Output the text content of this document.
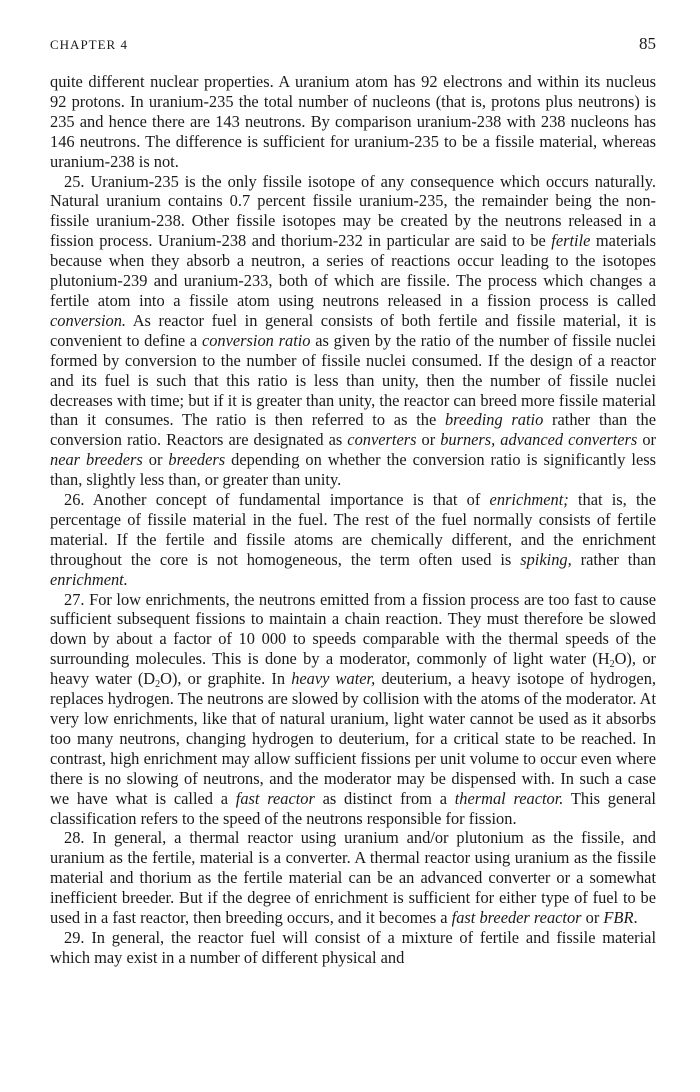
CHAPTER 4	85

quite different nuclear properties. A uranium atom has 92 electrons and within its nucleus 92 protons. In uranium-235 the total number of nucleons (that is, protons plus neutrons) is 235 and hence there are 143 neutrons. By comparison uranium-238 with 238 nucleons has 146 neutrons. The difference is sufficient for uranium-235 to be a fissile material, whereas uranium-238 is not.

25. Uranium-235 is the only fissile isotope of any consequence which occurs naturally. Natural uranium contains 0.7 percent fissile uranium-235, the remainder being the non-fissile uranium-238. Other fissile isotopes may be created by the neutrons released in a fission process. Uranium-238 and thorium-232 in particular are said to be fertile materials because when they absorb a neutron, a series of reactions occur leading to the isotopes plutonium-239 and uranium-233, both of which are fissile. The process which changes a fertile atom into a fissile atom using neutrons released in a fission process is called conversion. As reactor fuel in general consists of both fertile and fissile material, it is convenient to define a conversion ratio as given by the ratio of the number of fissile nuclei formed by conversion to the number of fissile nuclei consumed. If the design of a reactor and its fuel is such that this ratio is less than unity, then the number of fissile nuclei decreases with time; but if it is greater than unity, the reactor can breed more fissile material than it consumes. The ratio is then referred to as the breeding ratio rather than the conversion ratio. Reactors are designated as converters or burners, advanced converters or near breeders or breeders depending on whether the conversion ratio is significantly less than, slightly less than, or greater than unity.

26. Another concept of fundamental importance is that of enrichment; that is, the percentage of fissile material in the fuel. The rest of the fuel normally consists of fertile material. If the fertile and fissile atoms are chemically different, and the enrichment throughout the core is not homogeneous, the term often used is spiking, rather than enrichment.

27. For low enrichments, the neutrons emitted from a fission process are too fast to cause sufficient subsequent fissions to maintain a chain reaction. They must therefore be slowed down by about a factor of 10 000 to speeds comparable with the thermal speeds of the surrounding molecules. This is done by a moderator, commonly of light water $(H_2O)$, or heavy water $(D_2O)$, or graphite. In heavy water, deuterium, a heavy isotope of hydrogen, replaces hydrogen. The neutrons are slowed by collision with the atoms of the moderator. At very low enrichments, like that of natural uranium, light water cannot be used as it absorbs too many neutrons, changing hydrogen to deuterium, for a critical state to be reached. In contrast, high enrichment may allow sufficient fissions per unit volume to occur even where there is no slowing of neutrons, and the moderator may be dispensed with. In such a case we have what is called a fast reactor as distinct from a thermal reactor. This general classification refers to the speed of the neutrons responsible for fission.

28. In general, a thermal reactor using uranium and/or plutonium as the fissile, and uranium as the fertile, material is a converter. A thermal reactor using uranium as the fissile material and thorium as the fertile material can be an advanced converter or a somewhat inefficient breeder. But if the degree of enrichment is sufficient for either type of fuel to be used in a fast reactor, then breeding occurs, and it becomes a fast breeder reactor or FBR.

29. In general, the reactor fuel will consist of a mixture of fertile and fissile material which may exist in a number of different physical and
